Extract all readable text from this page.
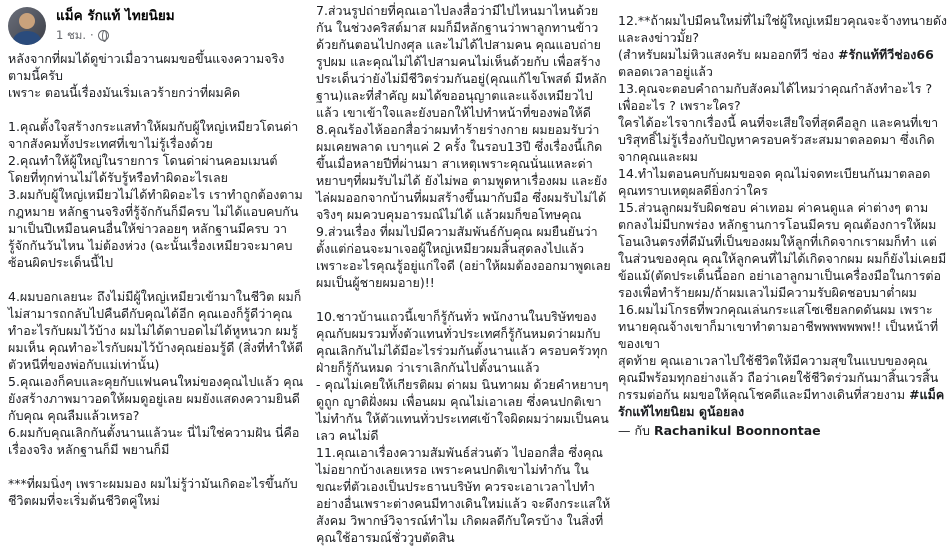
แม็ค รักแท้ ไทยนิยม
1 ชม. ·
หลังจากที่ผมได้ดูข่าวเมื่อวานผมขอขึ้นแจงความจริงตามนี้ครับ
เพราะ ตอนนี้เรื่องมันเริ่มเลวร้ายกว่าที่ผมคิด
1.คุณตั้งใจสร้างกระแสทำให้ผมกับผู้ใหญ่เหมียวโดนด่าจากสังคมทั้งประเทศที่เขาไม่รู้เรื่องด้วย
2.คุณทำให้ผู้ใหญ่ในรายการ โดนด่าผ่านคอมเมนต์โดยที่ทุกท่านไม่ได้รับรู้หรือทำผิดอะไรเลย
3.ผมกับผู้ใหญ่เหมียวไม่ได้ทำผิดอะไร เราทำถูกต้องตามกฎหมาย หลักฐานจริงที่รู้จักกันก็มีครบ ไม่ได้แอบคบกันมาเป็นปีเหมือนคนอื่นให้ข่าวลอยๆ หลักฐานมีครบ วารู้จักกันวันไหน ไม่ต้องห่วง (ฉะนั้นเรื่องเหมียวจะมาคบซ้อนผิดประเด็นนี้ไป
4.ผมบอกเลยนะ ถึงไม่มีผู้ใหญ่เหมียวเข้ามาในชีวิต ผมก็ไม่สามารถกลับไปคืนดีกับคุณได้อีก คุณเองก็รู้ดีว่าคุณทำอะไรกับผมไว้บ้าง ผมไม่ได้ตาบอดไม่ได้หูหนวก ผมรู้ผมเห็น คุณทำอะไรกับผมไว้บ้างคุณย่อมรู้ดี (สิ่งที่ทำให้ตีตัวหนีที่ของพ่อกับแม่เท่านั้น)
5.คุณเองก็คบและคุยกับแฟนคนใหม่ของคุณไปแล้ว คุณยังสร้างภาพมาวอดให้ผมดูอยู่เลย ผมยังแสดงความยินดีกับคุณ คุณลืมแล้วเหรอ?
6.ผมกับคุณเลิกกันตั้งนานแล้วนะ นี่ไม่ใช่ความฝัน นี่คือเรื่องจริง หลักฐานก็มี พยานก็มี
***ที่ผมนิ่งๆ เพราะผมมอง ผมไม่รู้ว่ามันเกิดอะไรขึ้นกับชีวิตผมที่จะเริ่มต้นชีวิตคู่ใหม่
7.ส่วนรูปถ่ายที่คุณเอาไปลงสื่อว่ามีไปไหนมาไหนด้วยกัน ในช่วงคริสต์มาส ผมก็มีหลักฐานว่าพาลูกทานข้าวด้วยกันตอนไปกงศุล และไม่ได้ไปสามคน คุณแอบถ่ายรูปผม และคุณไม่ได้ไปสามคนไม่เห็นด้วยกับ เพื่อสร้างประเด็นว่ายังไม่มีชีวิตร่วมกันอยู่(คุณแก้ไขโพสต์ มีหลักฐาน)และที่สำคัญ ผมได้ขออนุญาตและแจ้งเหมียวไปแล้ว เขาเข้าใจและยังบอกให้ไปทำหน้าที่ของพ่อให้ดี
8.คุณร้องไห้ออกสื่อว่าผมทำร้ายร่างกาย ผมยอมรับว่าผมเคยพลาด เบาๆแค่ 2 ครั้ง ในรอบ13ปี ซึ่งเรื่องนี้เกิดขึ้นเมื่อหลายปีที่ผ่านมา สาเหตุเพราะคุณนั่นแหละด่าหยาบๆที่ผมรับไม่ได้ ยังไม่พอ ตามพูดหาเรื่องผม และยังไล่ผมออกจากบ้านที่ผมสร้างขึ้นมากับมือ ซึ่งผมรับไม่ได้จริงๆ ผมควบคุมอารมณ์ไม่ได้ แล้วผมก็ขอโทษคุณ
9.ส่วนเรื่อง ที่ผมไปมีความสัมพันธ์กับคุณ ผมยืนยันว่าตั้งแต่ก่อนจะมาเจอผู้ใหญ่เหมียวผมสิ้นสุดลงไปแล้วเพราะอะไรคุณรู้อยู่แก่ใจดี (อย่าให้ผมต้องออกมาพูดเลย ผมเป็นผู้ชายผมอาย)!!
10.ชาวบ้านแถวนี้เขาก็รู้กันทั่ว พนักงานในบริษัทของคุณกับผมรวมทั้งตัวแทนทั่วประเทศก็รู้กันหมดว่าผมกับคุณเลิกกันไม่ได้มีอะไรร่วมกันตั้งนานแล้ว ครอบครัวทุกฝ่ายก็รู้กันหมด ว่าเราเลิกกันไปตั้งนานแล้ว
- คุณไม่เคยให้เกียรติผม ด่าผม นินทาผม ด้วยคำหยาบๆ ดูถูก ญาติฝั่งผม เพื่อนผม คุณไม่เอาเลย ซึ่งคนปกติเขาไม่ทำกัน ให้ตัวแทนทั่วประเทศเข้าใจผิดผมว่าผมเป็นคนเลว คนไม่ดี
11.คุณเอาเรื่องความสัมพันธ์ส่วนตัว ไปออกสื่อ ซึ่งคุณไม่อยากบ้างเลยเหรอ เพราะคนปกติเขาไม่ทำกัน ในขณะที่ตัวเองเป็นประธานบริษัท ควรจะเอาเวลาไปทำอย่างอื่นเพราะต่างคนมีทางเดินใหม่แล้ว จะดึงกระแสให้สังคม วิพากษ์วิจารณ์ทำไม เกิดผลดีกับใครบ้าง ในสิ่งที่คุณใช้อารมณ์ชั่ววูบตัดสิน
12.**ถ้าผมไปมีคนใหม่ที่ไม่ใช่ผู้ใหญ่เหมียวคุณจะจ้างทนายดังและลงข่าวมั้ย?
(สำหรับผมไม่หิวแสงครับ ผมออกทีวี ช่อง #รักแท้ทีวีช่อง66 ตลอดเวลาอยู่แล้ว
13.คุณจะตอบคำถามกับสังคมได้ไหมว่าคุณกำลังทำอะไร ? เพื่ออะไร ? เพราะใคร?
ใครได้อะไรจากเรื่องนี้ คนที่จะเสียใจที่สุดคือลูก และคนที่เขาบริสุทธิ์ไม่รู้เรื่องกับปัญหาครอบครัวสะสมมาตลอดมา ซึ่งเกิดจากคุณและผม
14.ทำไมตอนคบกับผมขอจด คุณไม่จดทะเบียนกันมาตลอด คุณทราบเหตุผลดียิ่งกว่าใคร
15.ส่วนลูกผมรับผิดชอบ ค่าเทอม ค่าคนดูแล ค่าต่างๆ ตามตกลงไม่มีบกพร่อง หลักฐานการโอนมีครบ คุณต้องการให้ผมโอนเงินตรงที่ดีมันที่เป็นของผมให้ลูกที่เกิดจากเราผมก็ทำ แต่ในส่วนของคุณ คุณให้ลูกคนที่ไม่ได้เกิดจากผม ผมก็ยังไม่เคยมีข้อแม้(ตัดประเด็นนี้ออก อย่าเอาลูกมาเป็นเครื่องมือในการต่อรองเพื่อทำร้ายผม/ถ้าผมเลวไม่มีความรับผิดชอบมาต่ำผม
16.ผมไม่โกรธที่พวกคุณเล่นกระแสโซเชียลกดดันผม เพราะทนายคุณจ้างเขาก็มาเขาทำตามอาชีพพพพพพพ!! เป็นหน้าที่ของเขา
สุดท้าย คุณเอาเวลาไปใช้ชีวิตให้มีความสุขในแบบของคุณ คุณมีพร้อมทุกอย่างแล้ว ถือว่าเคยใช้ชีวิตร่วมกันมาสิ้นเวรสิ้นกรรมต่อกัน ผมขอให้คุณโชคดีและมีทางเดินที่สวยงาม #แม็ครักแท้ไทยนิยม ดูน้อยลง
— กับ Rachanikul Boonnontae
